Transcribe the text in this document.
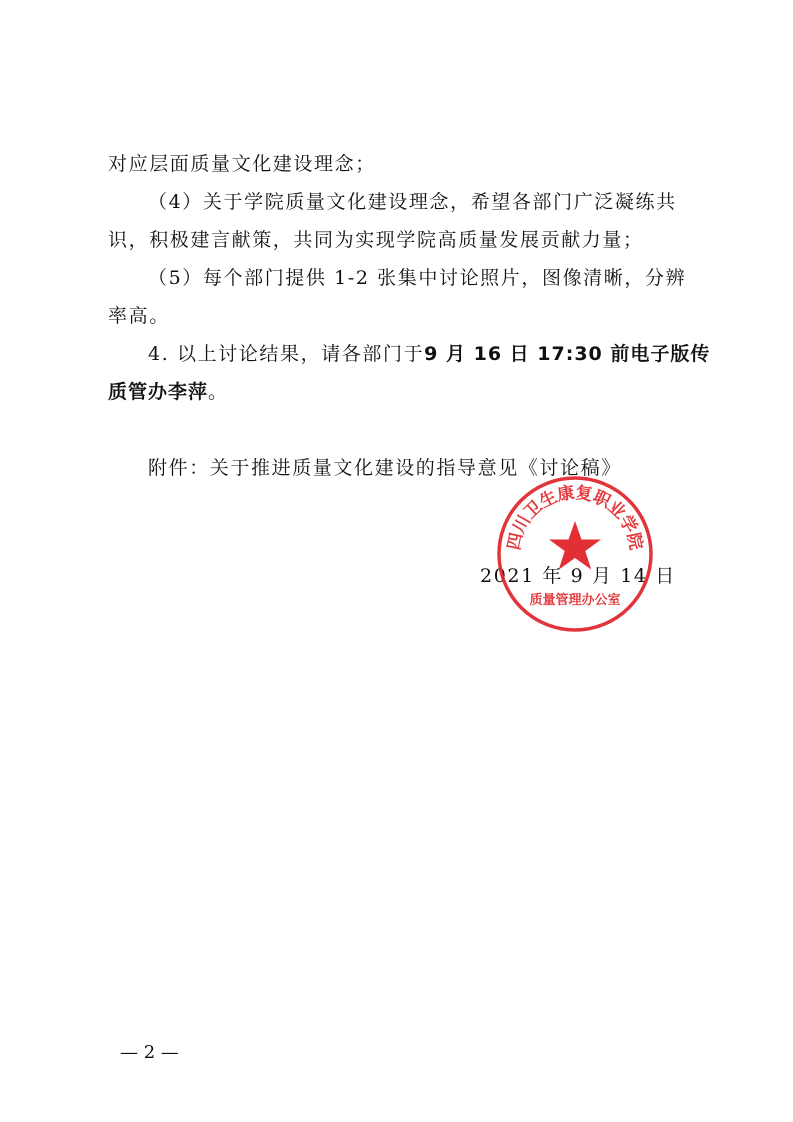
对应层面质量文化建设理念；
（4）关于学院质量文化建设理念，希望各部门广泛凝练共
识，积极建言献策，共同为实现学院高质量发展贡献力量；
（5）每个部门提供 1-2 张集中讨论照片，图像清晰，分辨
率高。
4. 以上讨论结果，请各部门于9 月 16 日 17:30 前电子版传
质管办李萍。
附件：关于推进质量文化建设的指导意见《讨论稿》
2021 年 9 月 14 日
四
川
卫
生
康
复
职
业
学
院
质量管理办公室
— 2 —
